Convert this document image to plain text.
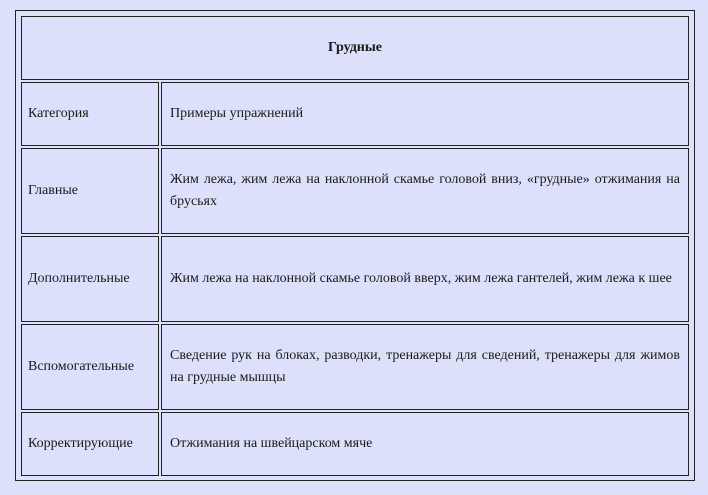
Грудные	
Категория	Примеры упражнений
Главные	Жим лежа, жим лежа на наклонной скамье головой вниз, «грудные» отжимания на брусьях
Дополнительные	Жим лежа на наклонной скамье головой вверх, жим лежа гантелей, жим лежа к шее
Вспомогательные	Сведение рук на блоках, разводки, тренажеры для сведений, тренажеры для жимов на грудные мышцы
Корректирующие	Отжимания на швейцарском мяче
